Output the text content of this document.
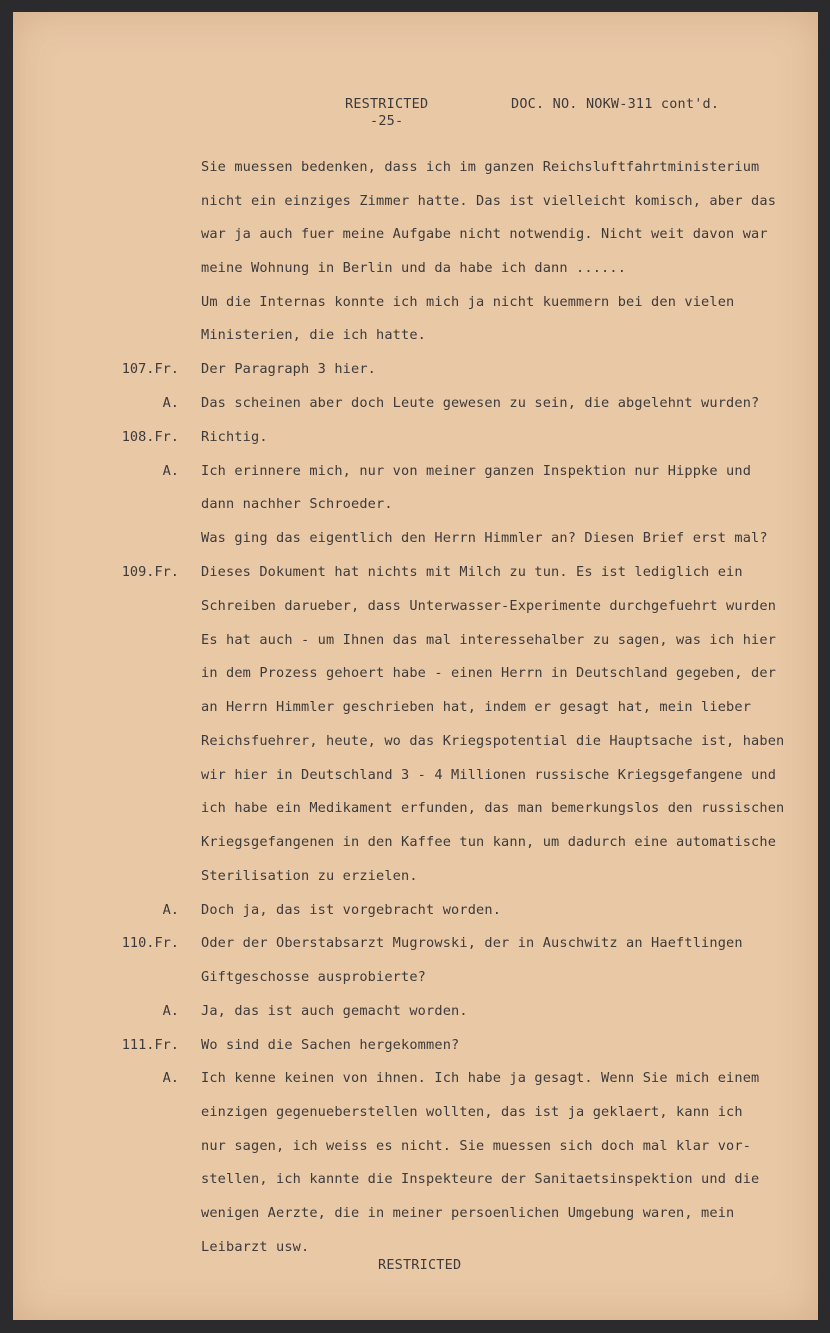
RESTRICTED
-25-
DOC. NO. NOKW-311 cont'd.
107.Fr.
A.
108.Fr.
A.
109.Fr.
A.
110.Fr.
A.
111.Fr.
A.
Sie muessen bedenken, dass ich im ganzen Reichsluftfahrtministerium
nicht ein einziges Zimmer hatte. Das ist vielleicht komisch, aber das
war ja auch fuer meine Aufgabe nicht notwendig. Nicht weit davon war
meine Wohnung in Berlin und da habe ich dann ......
Um die Internas konnte ich mich ja nicht kuemmern bei den vielen
Ministerien, die ich hatte.
Der Paragraph 3 hier.
Das scheinen aber doch Leute gewesen zu sein, die abgelehnt wurden?
Richtig.
Ich erinnere mich, nur von meiner ganzen Inspektion nur Hippke und
dann nachher Schroeder.
Was ging das eigentlich den Herrn Himmler an? Diesen Brief erst mal?
Dieses Dokument hat nichts mit Milch zu tun. Es ist lediglich ein
Schreiben darueber, dass Unterwasser-Experimente durchgefuehrt wurden
Es hat auch - um Ihnen das mal interessehalber zu sagen, was ich hier
in dem Prozess gehoert habe - einen Herrn in Deutschland gegeben, der
an Herrn Himmler geschrieben hat, indem er gesagt hat, mein lieber
Reichsfuehrer, heute, wo das Kriegspotential die Hauptsache ist, haben
wir hier in Deutschland 3 - 4 Millionen russische Kriegsgefangene und
ich habe ein Medikament erfunden, das man bemerkungslos den russischen
Kriegsgefangenen in den Kaffee tun kann, um dadurch eine automatische
Sterilisation zu erzielen.
Doch ja, das ist vorgebracht worden.
Oder der Oberstabsarzt Mugrowski, der in Auschwitz an Haeftlingen
Giftgeschosse ausprobierte?
Ja, das ist auch gemacht worden.
Wo sind die Sachen hergekommen?
Ich kenne keinen von ihnen. Ich habe ja gesagt. Wenn Sie mich einem
einzigen gegenueberstellen wollten, das ist ja geklaert, kann ich
nur sagen, ich weiss es nicht. Sie muessen sich doch mal klar vor-
stellen, ich kannte die Inspekteure der Sanitaetsinspektion und die
wenigen Aerzte, die in meiner persoenlichen Umgebung waren, mein
Leibarzt usw.
RESTRICTED
